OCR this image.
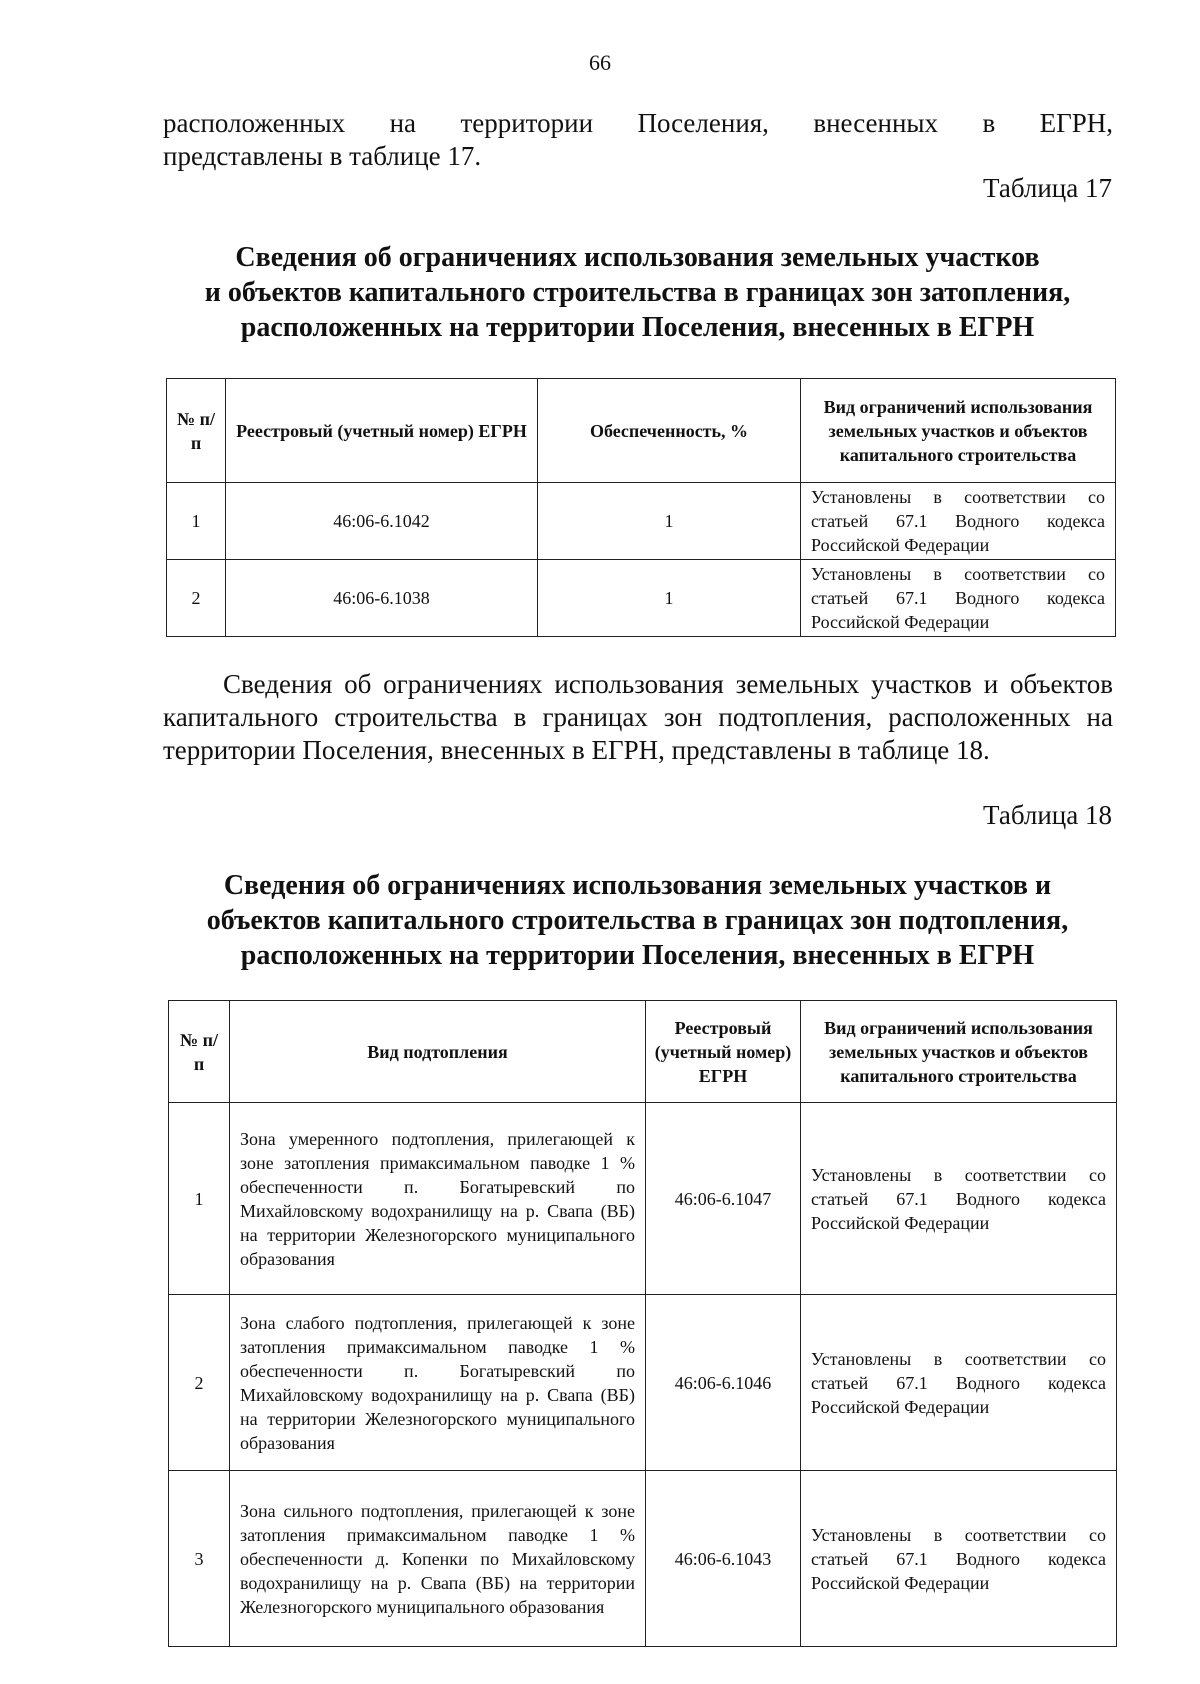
66
расположенных на территории Поселения, внесенных в ЕГРН,
представлены в таблице 17.
Таблица 17
Сведения об ограничениях использования земельных участков
и объектов капитального строительства в границах зон затопления,
расположенных на территории Поселения, внесенных в ЕГРН
№ п/п	Реестровый (учетный номер) ЕГРН	Обеспеченность, %	Вид ограничений использования земельных участков и объектов капитального строительства
1	46:06-6.1042	1	Установлены в соответствии со статьей 67.1 Водного кодекса Российской Федерации
2	46:06-6.1038	1	Установлены в соответствии со статьей 67.1 Водного кодекса Российской Федерации
Сведения об ограничениях использования земельных участков и объектов капитального строительства в границах зон подтопления, расположенных на территории Поселения, внесенных в ЕГРН, представлены в таблице 18.
Таблица 18
Сведения об ограничениях использования земельных участков и
объектов капитального строительства в границах зон подтопления,
расположенных на территории Поселения, внесенных в ЕГРН
№ п/п	Вид подтопления	Реестровый (учетный номер) ЕГРН	Вид ограничений использования земельных участков и объектов капитального строительства
1	Зона умеренного подтопления, прилегающей к зоне затопления примаксимальном паводке 1 % обеспеченности п. Богатыревский по Михайловскому водохранилищу на р. Свапа (ВБ) на территории Железногорского муниципального образования	46:06-6.1047	Установлены в соответствии со статьей 67.1 Водного кодекса Российской Федерации
2	Зона слабого подтопления, прилегающей к зоне затопления примаксимальном паводке 1 % обеспеченности п. Богатыревский по Михайловскому водохранилищу на р. Свапа (ВБ) на территории Железногорского муниципального образования	46:06-6.1046	Установлены в соответствии со статьей 67.1 Водного кодекса Российской Федерации
3	Зона сильного подтопления, прилегающей к зоне затопления примаксимальном паводке 1 % обеспеченности д. Копенки по Михайловскому водохранилищу на р. Свапа (ВБ) на территории Железногорского муниципального образования	46:06-6.1043	Установлены в соответствии со статьей 67.1 Водного кодекса Российской Федерации
